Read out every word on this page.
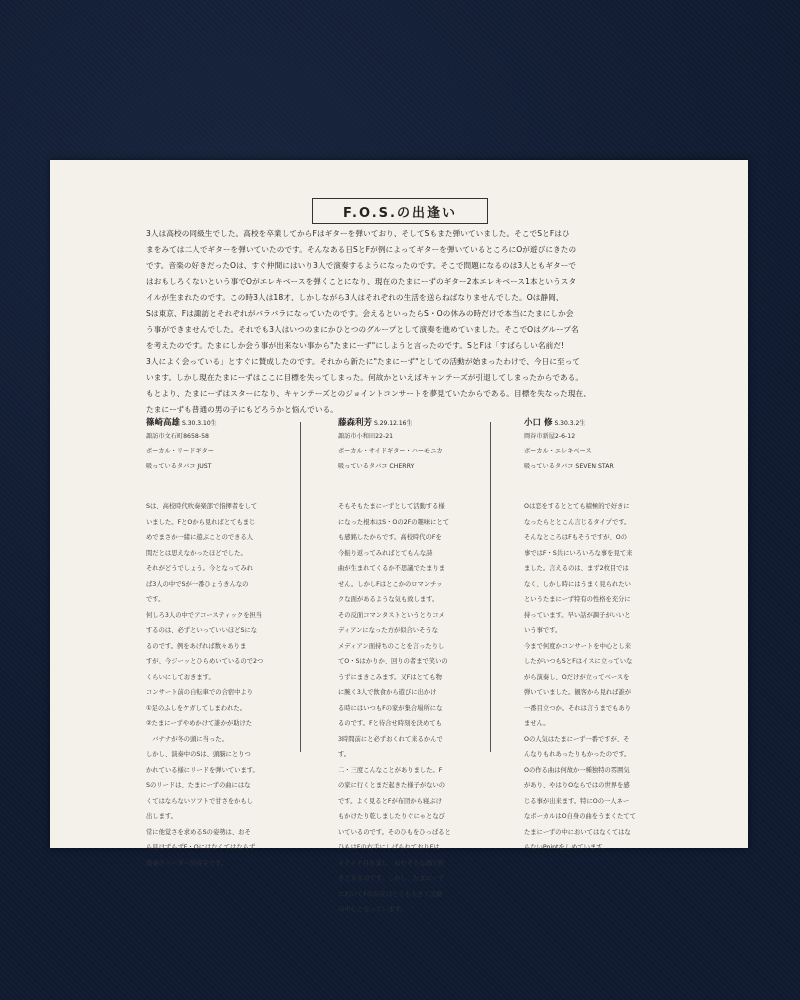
F.O.S.の出逢い

3人は高校の同級生でした。高校を卒業してからFはギターを弾いており、そしてSもまた弾いていました。そこでSとFはひ

まをみては二人でギターを弾いていたのです。そんなある日SとFが例によってギターを弾いているところにOが遊びにきたの

です。音楽の好きだったOは、すぐ仲間にはいり3人で演奏するようになったのです。そこで問題になるのは3人ともギターで

はおもしろくないという事でOがエレキベースを弾くことになり、現在のたまにーずのギター2本エレキベース1本というスタ

イルが生まれたのです。この時3人は18才、しかしながら3人はそれぞれの生活を送らねばなりませんでした。Oは静岡、

Sは東京、Fは諏訪とそれぞれがバラバラになっていたのです。会えるといったらS・Oの休みの時だけで本当にたまにしか会

う事ができませんでした。それでも3人はいつのまにかひとつのグループとして演奏を進めていました。そこでOはグループ名

を考えたのです。たまにしか会う事が出来ない事から"たまにーず"にしようと言ったのです。SとFは「すばらしい名前だ!

3人によく会っている」とすぐに賛成したのです。それから新たに"たまにーず"としての活動が始まったわけで、今日に至って

います。しかし現在たまにーずはここに目標を失ってしまった。何故かといえばキャンテーズが引退してしまったからである。

もとより、たまにーずはスターになり、キャンテーズとのジョイントコンサートを夢見ていたからである。目標を失なった現在、

たまにーずも普通の男の子にもどろうかと悩んでいる。

篠崎高雄 S.30.3.10生
諏訪市文石町8658-58
ボーカル・リードギター
吸っているタバコ JUST

Sは、高校時代吹奏楽部で指揮者をして

いました。FとOから見ればとてもまじ

めでまさか一緒に遊ぶことのできる人

間だとは思えなかったほどでした。

それがどうでしょう。今となってみれ

ば3人の中でSが一番ひょうきんなの

です。

何しろ3人の中でアコースティックを担当

するのは、必ずといっていいほどSにな

るのです。例をあげれば数々ありま

すが、今ジーッとひらめいているので2つ

くらいにしておきます。

コンサート前の自転車での合宿中より

①足のふしをケガしてしまわれた。

②たまにーずやめかけて誰かが助けた

　バナナが冬の頭に当った。

しかし、演奏中のSは、頭脳にとりつ

かれている様にリードを弾いています。

Sのリードは、たまにーずの曲にはな

くてはならないソフトで甘さをかもし

出します。

常に他覚さを求めるSの姿勢は、おそ

ら見けずらずF・Oにはなくてはならず

演奏のリーダー的存在です。

藤森利芳 S.29.12.16生
諏訪市小和田22-21
ボーカル・サイドギター・ハーモニカ
吸っているタバコ CHERRY

そもそもたまにーずとして活動する様

になった根本はS・Oの2Fの趣味にとて

も感銘したからです。高校時代のFを

今振り返ってみればとてもんな詩

曲が生まれてくるか不思議でたまりま

せん。しかしFはとこかのロマンチッ

クな面があるような気も致します。

その反面コマンタストというとりコメ

ディアンになった方が似合いそうな

メディアン面持ちのことを言ったりし

てO・Sはかりか、回りの者まで笑いの

うずにまきこみます。又Fはとても物

に腕く3人で飲食から遊びに出かけ

る時にはいつもFの家が集合場所にな

るのです。Fと待合せ時刻を決めても

3時間前にと必ずおくれて来るかんで

す。

二・三度こんなことがありました。F

の家に行くとまだ起きた様子がないの

です。よく見るとFが布団から寝ぶけ

もかけたり乾しましたりぐにゃとなび

いているのです。そのひもをひっぱると

ひもはFの右手にしばられておりFは

イテイテ目を覚し、ねむそうな顔で乾

きて来るのです。しかし、たまにーず

においてFの存在はとても大きく活動

の中心となっています。

小口 修 S.30.3.2生
岡谷市新屋2-6-12
ボーカル・エレキベース
吸っているタバコ SEVEN STAR

Oは恋をするととても積極的で好きに

なったらととこん言じるタイプです。

そんなところはFもそうですが、Oの

事ではF・S共にいろいろな事を見て来

ました。言えるのは、まず2枚目では

なく、しかし時にはうまく見られたい

というたまにーず特有の性格を充分に

持っています。早い話が調子がいいと

いう事です。

今まで何度かコンサートを中心とし来

したがいつもSとFはイスに立っていな

がら演奏し、Oだけが立ってベースを

弾いていました。観客から見れば誰が

一番目立つか。それは言うまでもあり

ません。

Oの人気はたまにーず一番ですが、そ

んなりもれあったりもかったのです。

Oの作る曲は何故か一種独特の雰囲気

があり、やはりOならではの世界を感

じる事が出来ます。特にOの一人ネー

なボーカルはO自身の曲をうまくたてて

たまにーずの中においてはなくてはな

らないPointをしめています。
